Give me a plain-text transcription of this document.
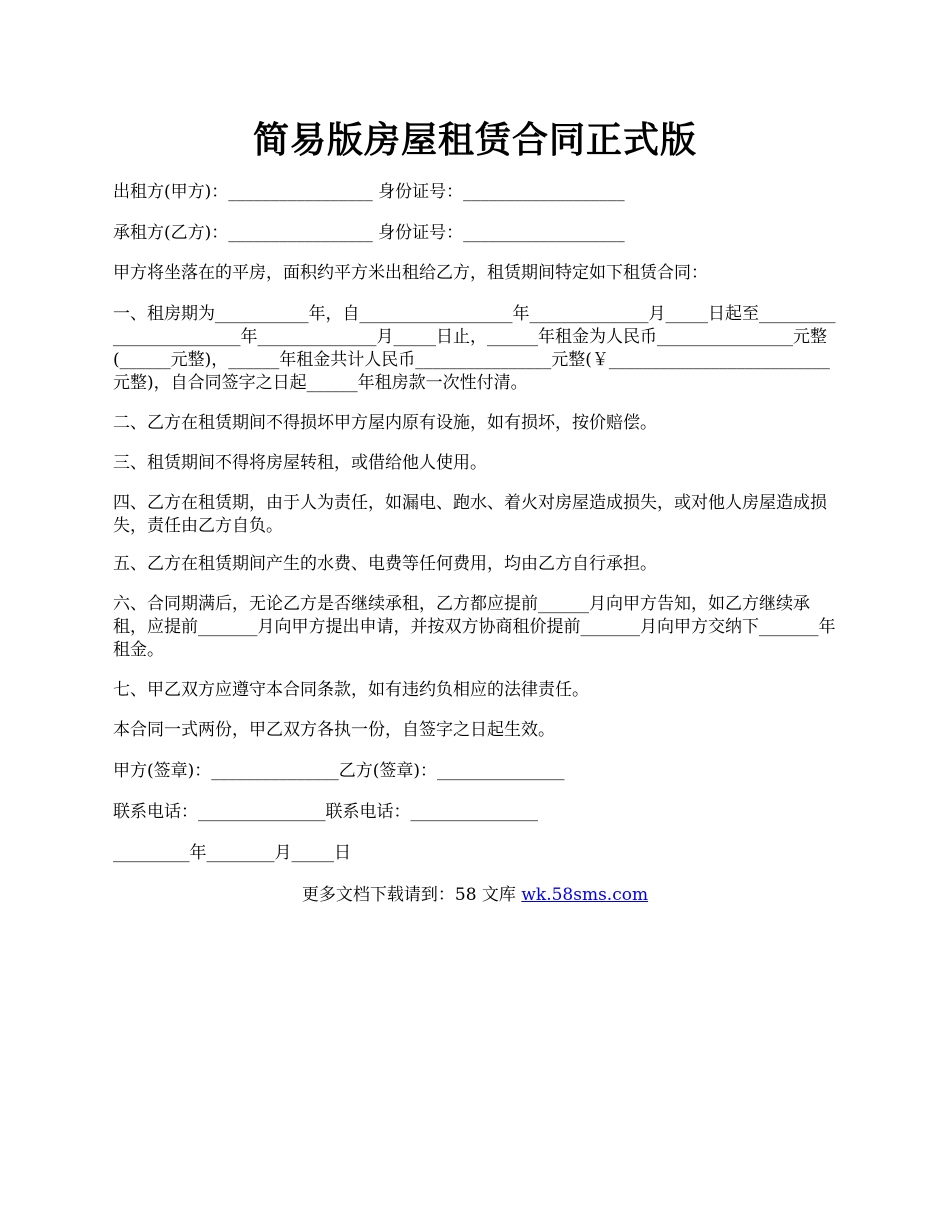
简易版房屋租赁合同正式版

出租方(甲方)：_________________ 身份证号：___________________

承租方(乙方)：_________________ 身份证号：___________________

甲方将坐落在的平房，面积约平方米出租给乙方，租赁期间特定如下租赁合同：

一、租房期为___________年，自__________________年______________月_____日起至________________________年______________月_____日止，______年租金为人民币________________元整(______元整)，______年租金共计人民币________________元整(￥__________________________元整)，自合同签字之日起______年租房款一次性付清。

二、乙方在租赁期间不得损坏甲方屋内原有设施，如有损坏，按价赔偿。

三、租赁期间不得将房屋转租，或借给他人使用。

四、乙方在租赁期，由于人为责任，如漏电、跑水、着火对房屋造成损失，或对他人房屋造成损失，责任由乙方自负。

五、乙方在租赁期间产生的水费、电费等任何费用，均由乙方自行承担。

六、合同期满后，无论乙方是否继续承租，乙方都应提前______月向甲方告知，如乙方继续承租，应提前_______月向甲方提出申请，并按双方协商租价提前_______月向甲方交纳下_______年租金。

七、甲乙双方应遵守本合同条款，如有违约负相应的法律责任。

本合同一式两份，甲乙双方各执一份，自签字之日起生效。

甲方(签章)：_______________乙方(签章)：_______________

联系电话：_______________联系电话：_______________

_________年________月_____日

更多文档下载请到：58 文库 wk.58sms.com
